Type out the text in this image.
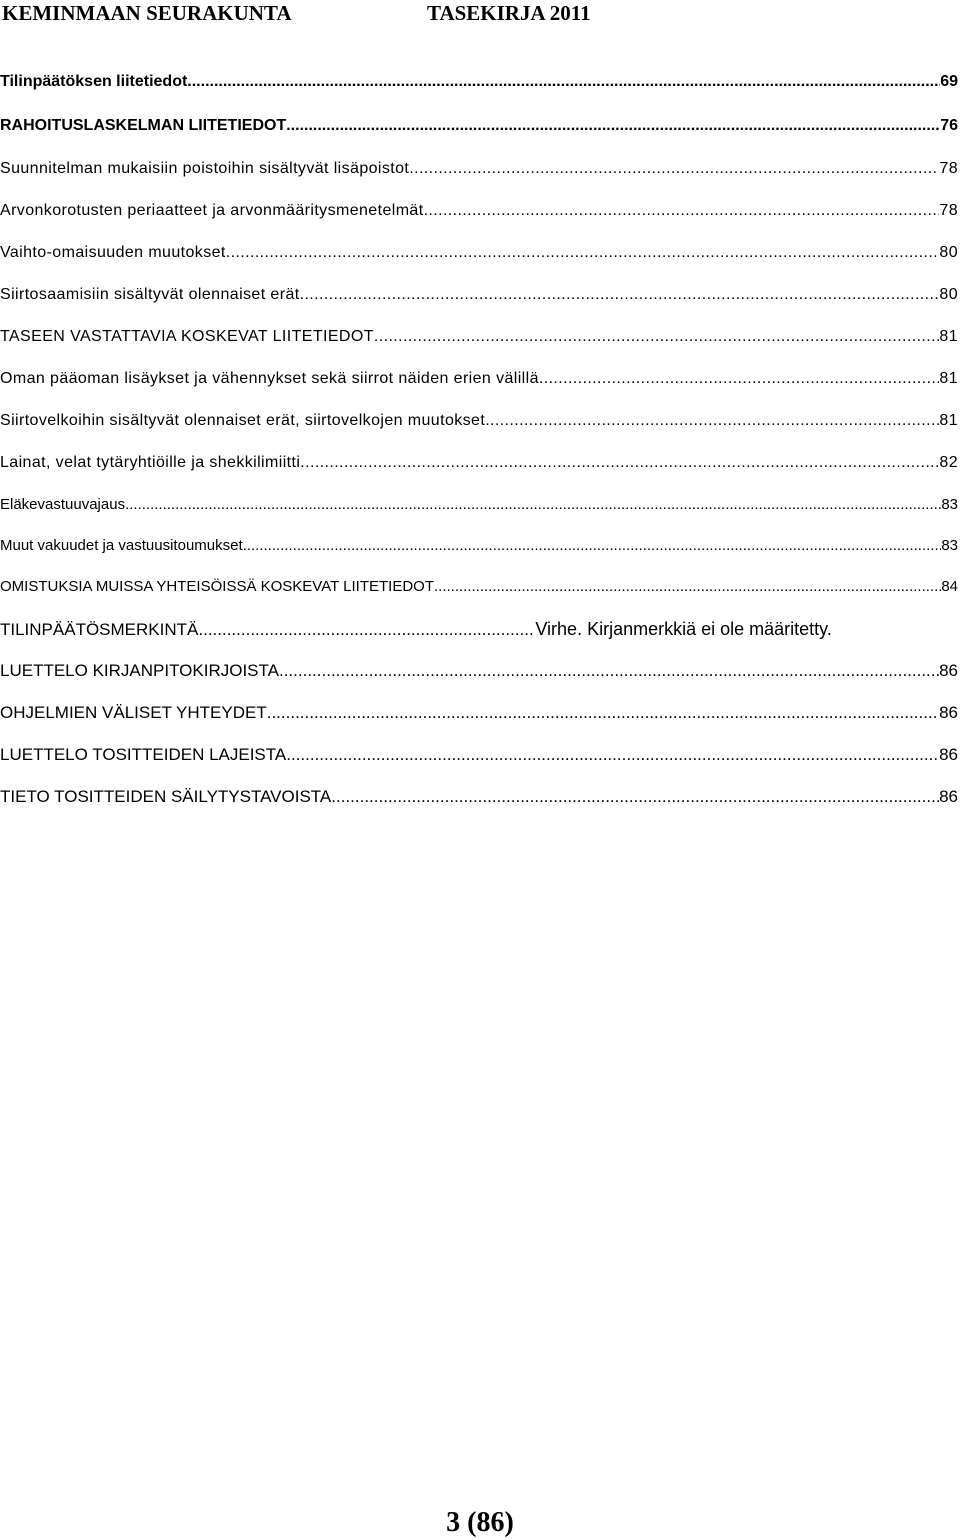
KEMINMAAN SEURAKUNTA	TASEKIRJA 2011
Tilinpäätöksen liitetiedot. .....	69
RAHOITUSLASKELMAN LIITETIEDOT .....	76
Suunnitelman mukaisiin poistoihin sisältyvät lisäpoistot .....	78
Arvonkorotusten periaatteet ja arvonmääritysmenetelmät .....	78
Vaihto-omaisuuden muutokset .....	80
Siirtosaamisiin sisältyvät olennaiset erät .....	80
TASEEN VASTATTAVIA KOSKEVAT LIITETIEDOT .....	81
Oman pääoman lisäykset ja vähennykset sekä siirrot näiden erien välillä .....	81
Siirtovelkoihin sisältyvät olennaiset erät, siirtovelkojen muutokset .....	81
Lainat, velat tytäryhtiöille ja shekkilimiitti .....	82
Eläkevastuuvajaus .....	83
Muut vakuudet ja vastuusitoumukset .....	83
OMISTUKSIA MUISSA YHTEISÖISSÄ KOSKEVAT LIITETIEDOT .....	84
TILINPÄÄTÖSMERKINTÄ .....	Virhe. Kirjanmerkkiä ei ole määritetty.
LUETTELO KIRJANPITOKIRJOISTA .....	86
OHJELMIEN VÄLISET YHTEYDET .....	86
LUETTELO TOSITTEIDEN LAJEISTA .....	86
TIETO TOSITTEIDEN SÄILYTYSTAVOISTA .....	86
3 (86)
